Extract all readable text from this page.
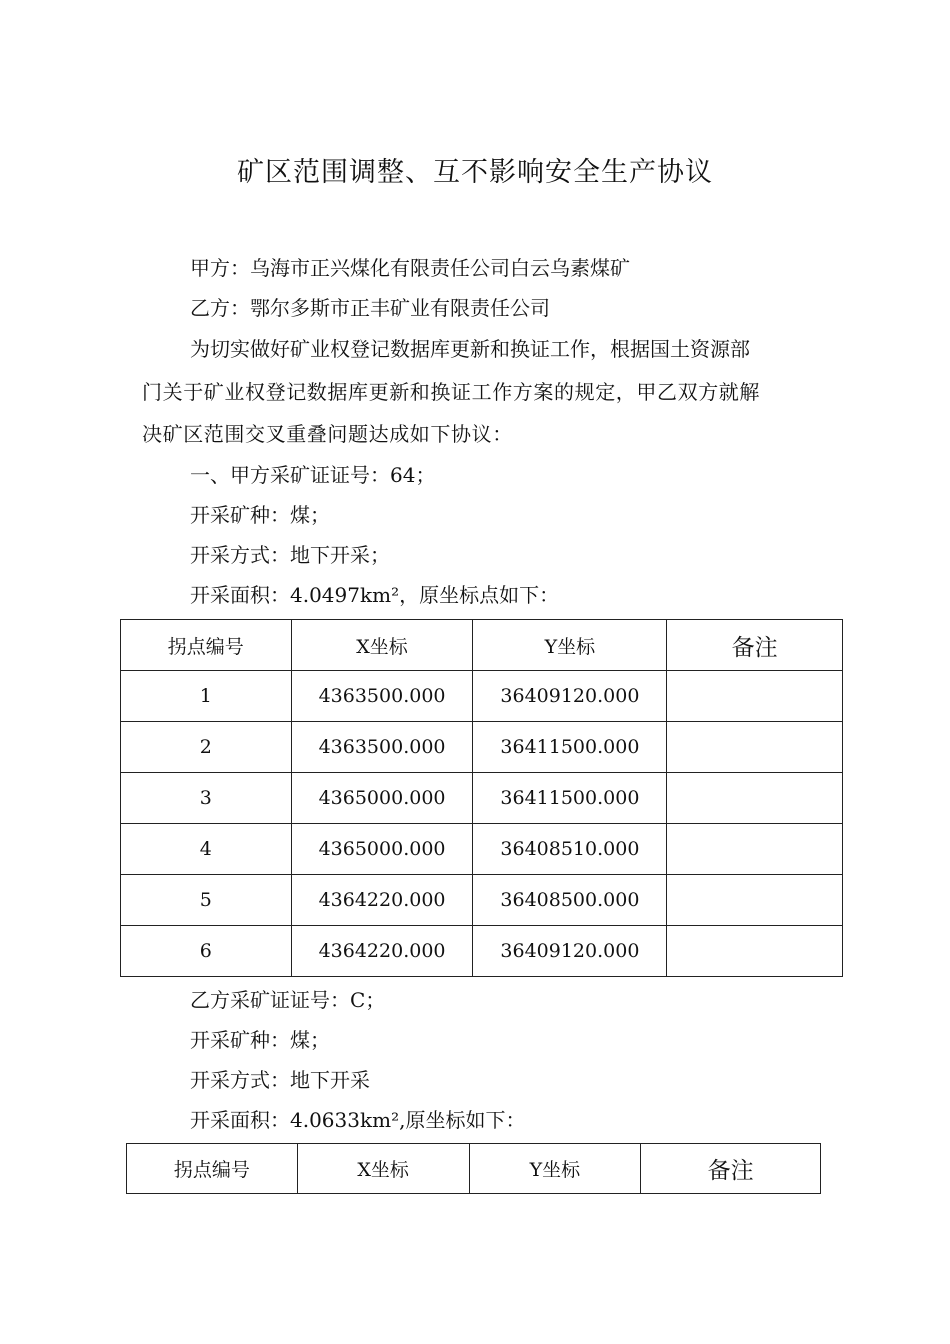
矿区范围调整、互不影响安全生产协议
甲方：乌海市正兴煤化有限责任公司白云乌素煤矿
乙方：鄂尔多斯市正丰矿业有限责任公司
为切实做好矿业权登记数据库更新和换证工作，根据国土资源部
门关于矿业权登记数据库更新和换证工作方案的规定，甲乙双方就解
决矿区范围交叉重叠问题达成如下协议：
一、甲方采矿证证号：64；
开采矿种：煤；
开采方式：地下开采；
开采面积：4.0497km²，原坐标点如下：
拐点编号	X坐标	Y坐标	备注
1	4363500.000	36409120.000	
2	4363500.000	36411500.000	
3	4365000.000	36411500.000	
4	4365000.000	36408510.000	
5	4364220.000	36408500.000	
6	4364220.000	36409120.000	
乙方采矿证证号：C；
开采矿种：煤；
开采方式：地下开采
开采面积：4.0633km²,原坐标如下：
拐点编号	X坐标	Y坐标	备注
